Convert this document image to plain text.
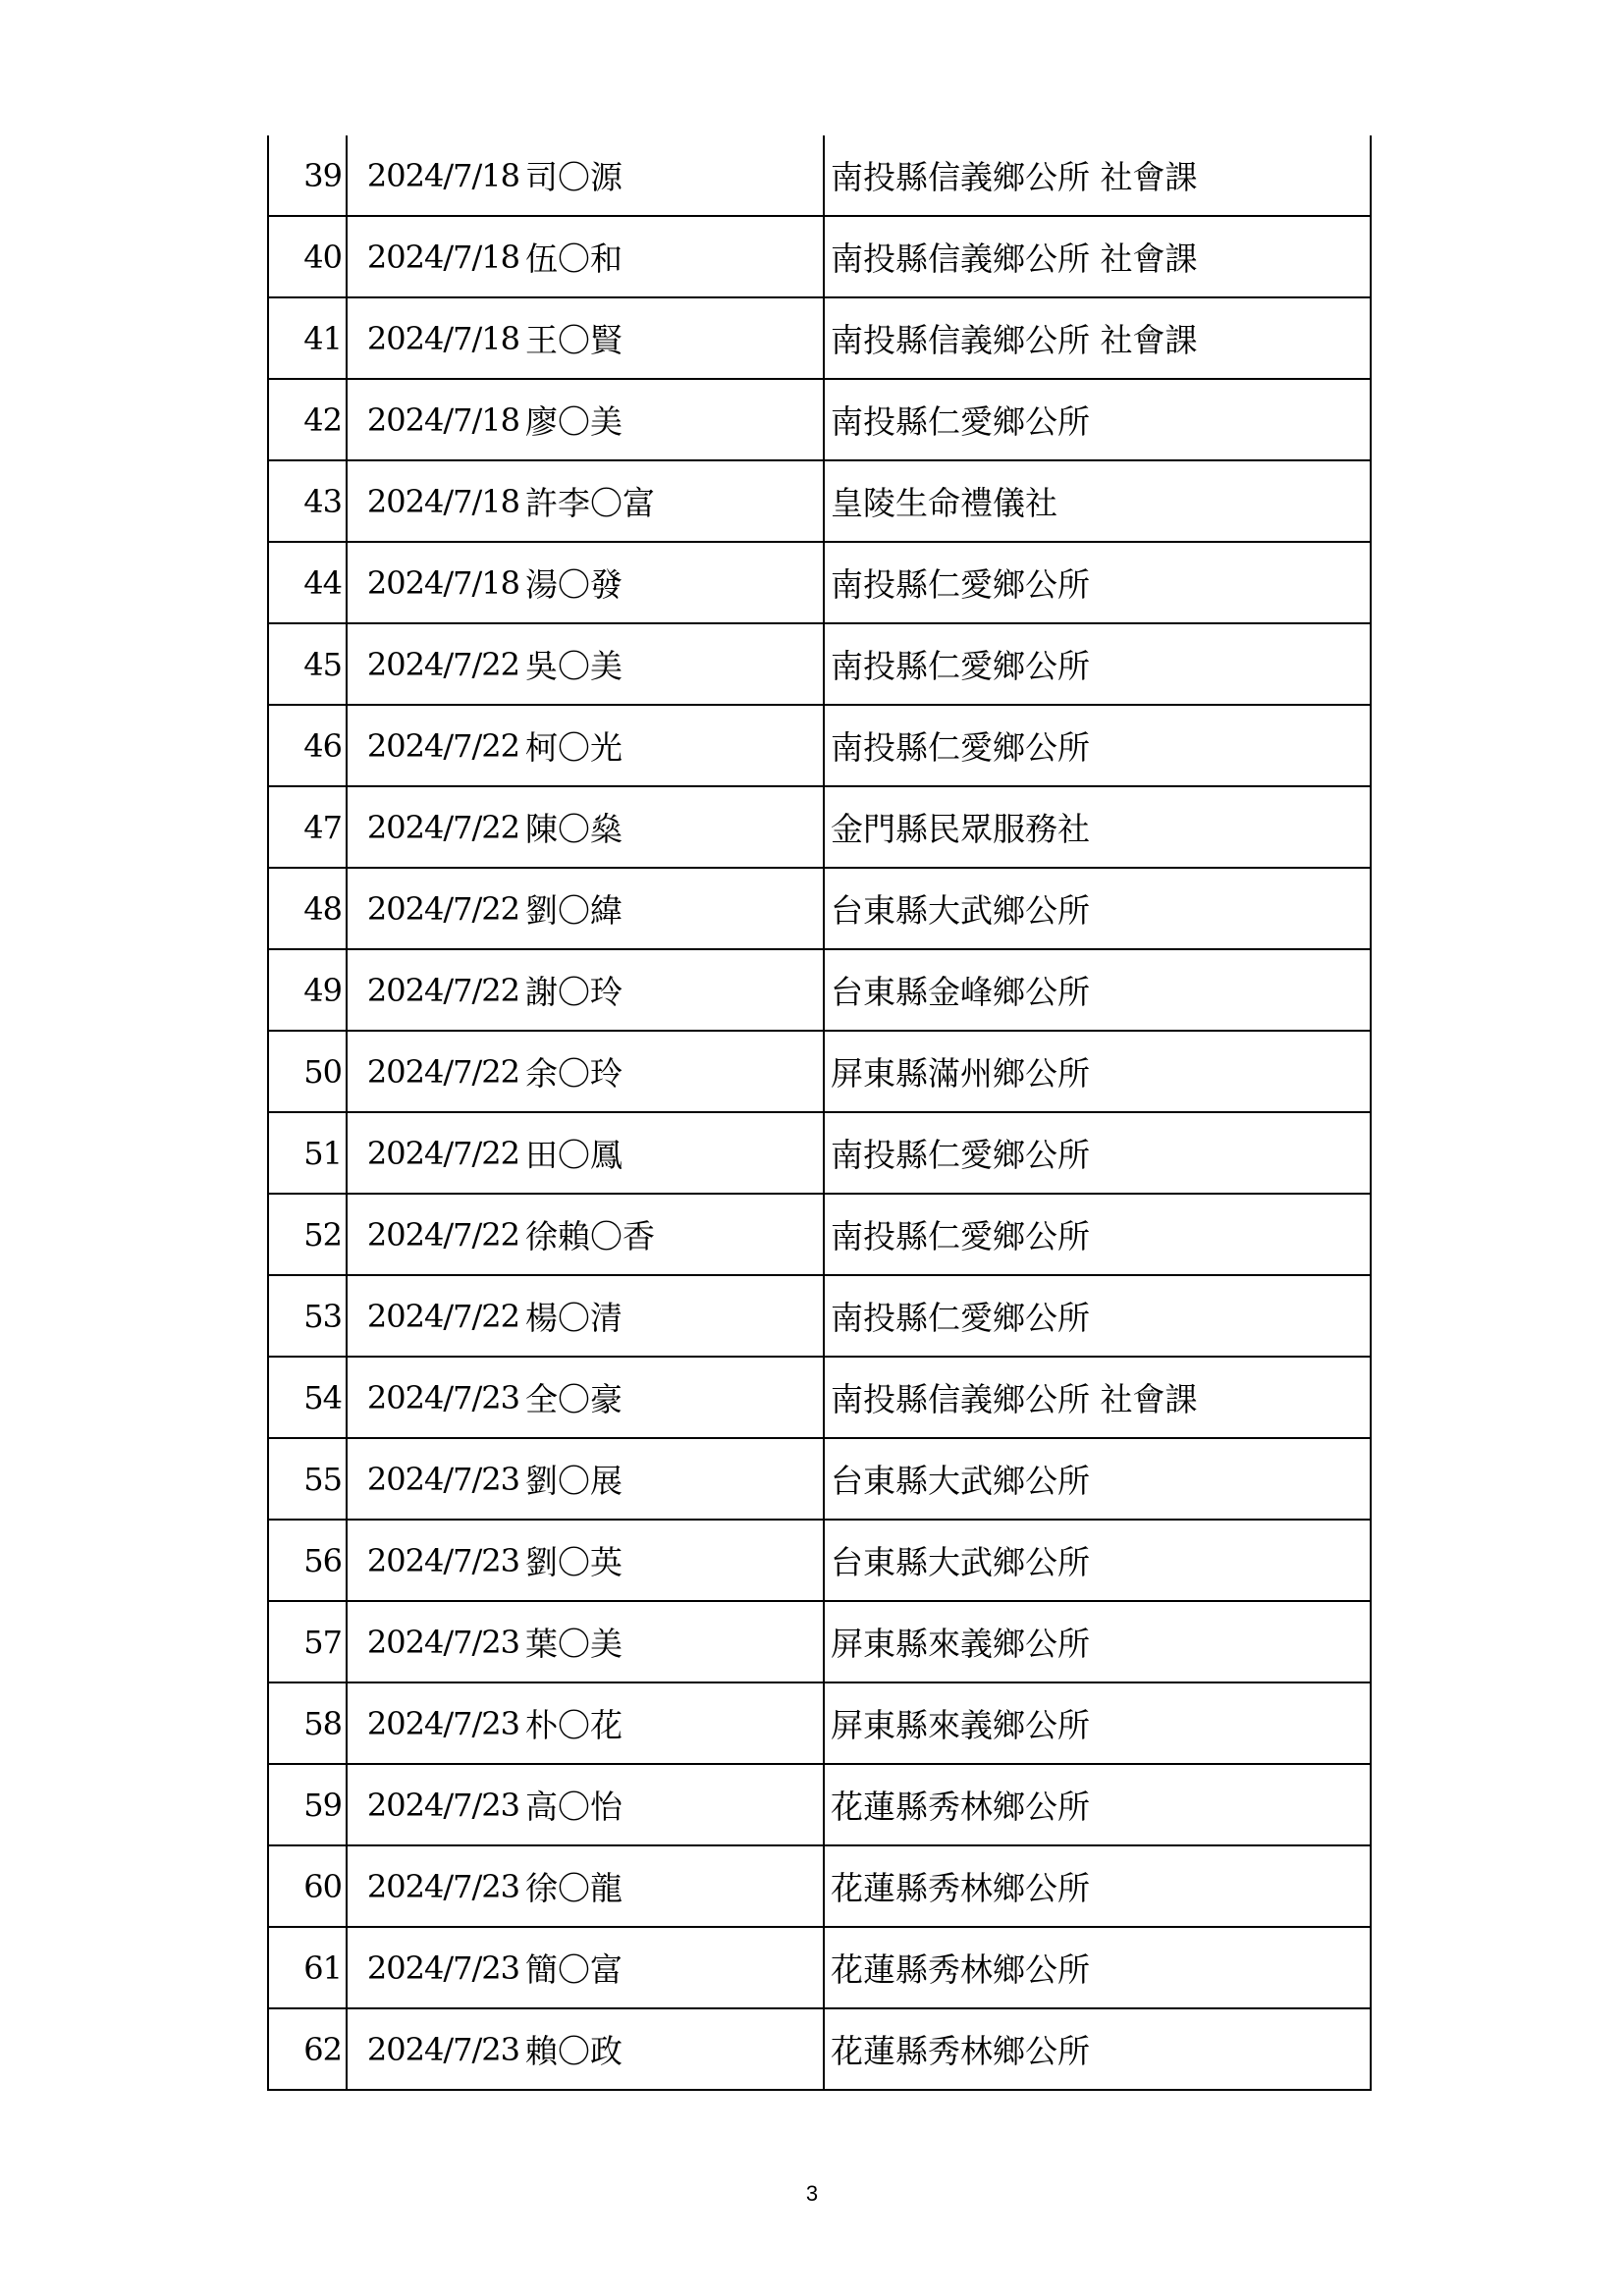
39	2024/7/18	司〇源	南投縣信義鄉公所 社會課
40	2024/7/18	伍〇和	南投縣信義鄉公所 社會課
41	2024/7/18	王〇賢	南投縣信義鄉公所 社會課
42	2024/7/18	廖〇美	南投縣仁愛鄉公所
43	2024/7/18	許李〇富	皇陵生命禮儀社
44	2024/7/18	湯〇發	南投縣仁愛鄉公所
45	2024/7/22	吳〇美	南投縣仁愛鄉公所
46	2024/7/22	柯〇光	南投縣仁愛鄉公所
47	2024/7/22	陳〇燊	金門縣民眾服務社
48	2024/7/22	劉〇緯	台東縣大武鄉公所
49	2024/7/22	謝〇玲	台東縣金峰鄉公所
50	2024/7/22	余〇玲	屏東縣滿州鄉公所
51	2024/7/22	田〇鳳	南投縣仁愛鄉公所
52	2024/7/22	徐賴〇香	南投縣仁愛鄉公所
53	2024/7/22	楊〇清	南投縣仁愛鄉公所
54	2024/7/23	全〇豪	南投縣信義鄉公所 社會課
55	2024/7/23	劉〇展	台東縣大武鄉公所
56	2024/7/23	劉〇英	台東縣大武鄉公所
57	2024/7/23	葉〇美	屏東縣來義鄉公所
58	2024/7/23	朴〇花	屏東縣來義鄉公所
59	2024/7/23	高〇怡	花蓮縣秀林鄉公所
60	2024/7/23	徐〇龍	花蓮縣秀林鄉公所
61	2024/7/23	簡〇富	花蓮縣秀林鄉公所
62	2024/7/23	賴〇政	花蓮縣秀林鄉公所
3
